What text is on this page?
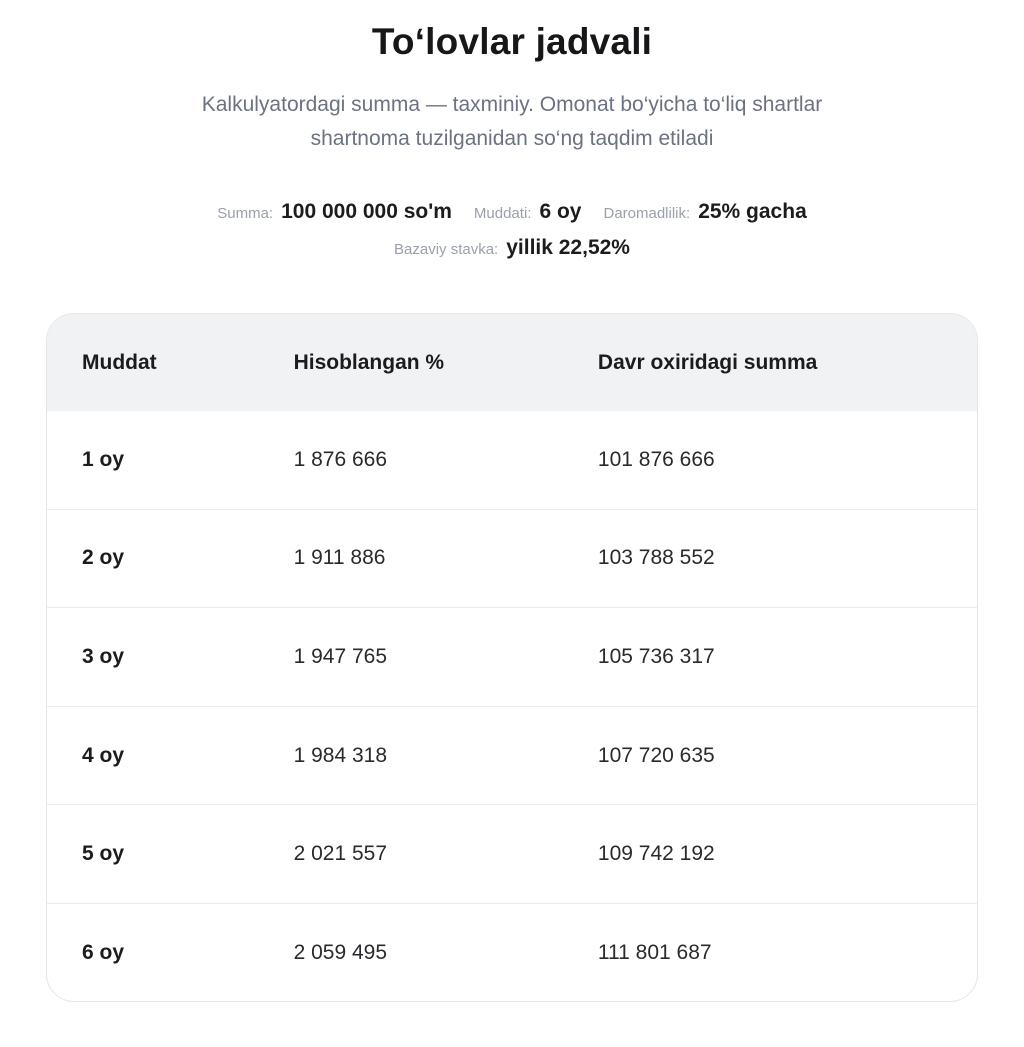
To‘lovlar jadvali

Kalkulyatordagi summa — taxminiy. Omonat bo‘yicha to‘liq shartlar
shartnoma tuzilganidan so‘ng taqdim etiladi

Summa: 100 000 000 so'm Muddati: 6 oy Daromadlilik: 25% gacha
Bazaviy stavka: yillik 22,52%
Muddat	Hisoblangan %	Davr oxiridagi summa
1 oy	1 876 666	101 876 666
2 oy	1 911 886	103 788 552
3 oy	1 947 765	105 736 317
4 oy	1 984 318	107 720 635
5 oy	2 021 557	109 742 192
6 oy	2 059 495	111 801 687
